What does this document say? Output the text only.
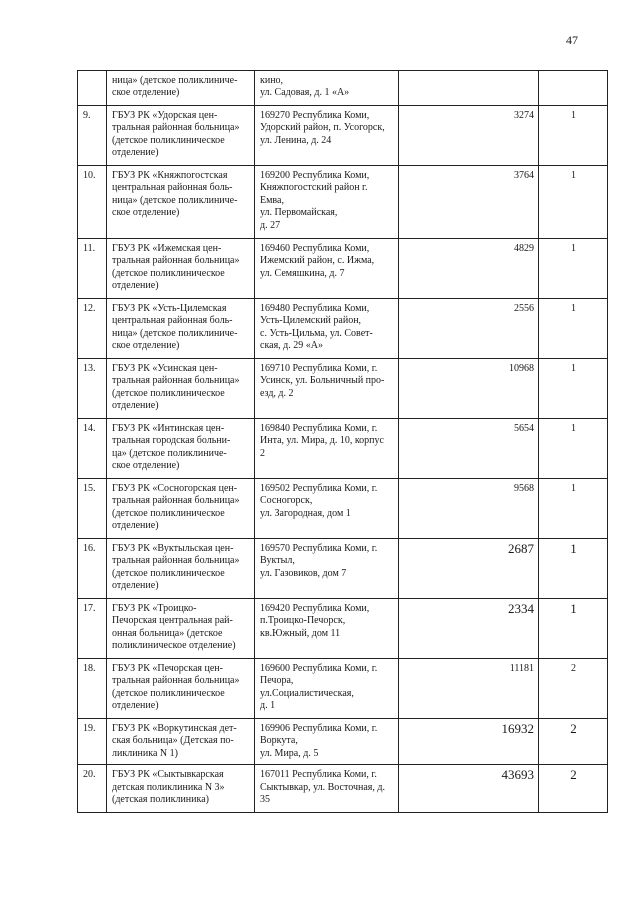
47

	ница» (детское поликлиниче-
ское отделение)	кино,
ул. Садовая, д. 1 «А»		

9.	ГБУЗ РК «Удорская цен-
тральная районная больница»
(детское поликлиническое
отделение)	169270 Республика Коми,
Удорский район, п. Усогорск,
ул. Ленина, д. 24	3274	1
10.	ГБУЗ РК «Княжпогостская
центральная районная боль-
ница» (детское поликлиниче-
ское отделение)	169200 Республика Коми,
Княжпогостский район г.
Емва,
ул. Первомайская,
д. 27	3764	1
11.	ГБУЗ РК «Ижемская цен-
тральная районная больница»
(детское поликлиническое
отделение)	169460 Республика Коми,
Ижемский район, с. Ижма,
ул. Семяшкина, д. 7	4829	1
12.	ГБУЗ РК «Усть-Цилемская
центральная районная боль-
ница» (детское поликлиниче-
ское отделение)	169480 Республика Коми,
Усть-Цилемский район,
с. Усть-Цильма, ул. Совет-
ская, д. 29 «А»	2556	1
13.	ГБУЗ РК «Усинская цен-
тральная районная больница»
(детское поликлиническое
отделение)	169710 Республика Коми, г.
Усинск, ул. Больничный про-
езд, д. 2	10968	1
14.	ГБУЗ РК «Интинская цен-
тральная городская больни-
ца» (детское поликлиниче-
ское отделение)	169840 Республика Коми, г.
Инта, ул. Мира, д. 10, корпус
2	5654	1
15.	ГБУЗ РК «Сосногорская цен-
тральная районная больница»
(детское поликлиническое
отделение)	169502 Республика Коми, г.
Сосногорск,
ул. Загородная, дом 1	9568	1
16.	ГБУЗ РК «Вуктыльская цен-
тральная районная больница»
(детское поликлиническое
отделение)	169570 Республика Коми, г.
Вуктыл,
ул. Газовиков, дом 7	2687	1
17.	ГБУЗ РК «Троицко-
Печорская центральная рай-
онная больница» (детское
поликлиническое отделение)	169420 Республика Коми,
п.Троицко-Печорск,
кв.Южный, дом 11	2334	1
18.	ГБУЗ РК «Печорская цен-
тральная районная больница»
(детское поликлиническое
отделение)	169600 Республика Коми, г.
Печора,
ул.Социалистическая,
д. 1	11181	2
19.	ГБУЗ РК «Воркутинская дет-
ская больница» (Детская по-
ликлиника N 1)	169906 Республика Коми, г.
Воркута,
ул. Мира, д. 5	16932	2
20.	ГБУЗ РК «Сыктывкарская
детская поликлиника N 3»
(детская поликлиника)	167011 Республика Коми, г.
Сыктывкар, ул. Восточная, д.
35	43693	2
